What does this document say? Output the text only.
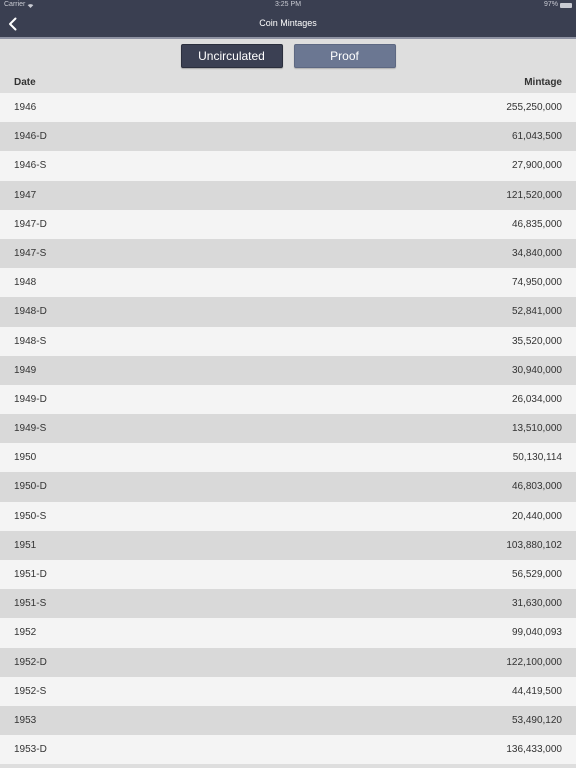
Carrier	3:25 PM	97%
Coin Mintages
Uncirculated	Proof
Date	Mintage
1946	255,250,000
1946-D	61,043,500
1946-S	27,900,000
1947	121,520,000
1947-D	46,835,000
1947-S	34,840,000
1948	74,950,000
1948-D	52,841,000
1948-S	35,520,000
1949	30,940,000
1949-D	26,034,000
1949-S	13,510,000
1950	50,130,114
1950-D	46,803,000
1950-S	20,440,000
1951	103,880,102
1951-D	56,529,000
1951-S	31,630,000
1952	99,040,093
1952-D	122,100,000
1952-S	44,419,500
1953	53,490,120
1953-D	136,433,000
